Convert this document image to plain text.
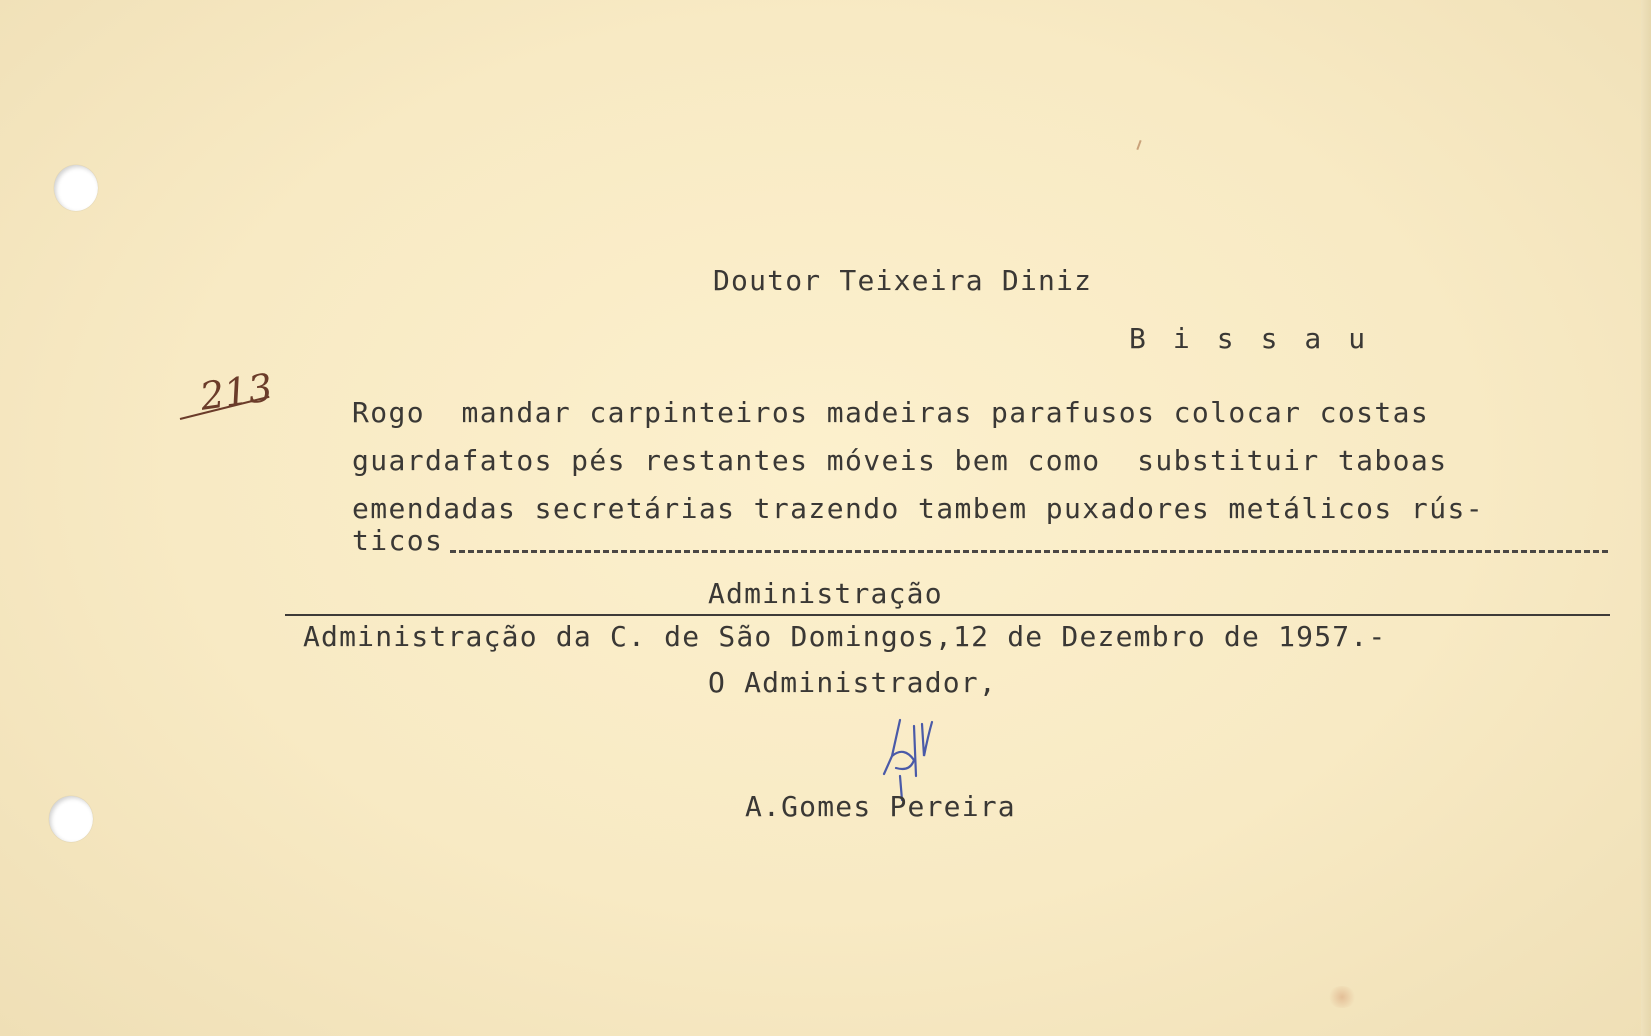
Doutor Teixeira Diniz
Bissau
213	Rogo  mandar carpinteiros madeiras parafusos colocar costas
guardafatos pés restantes móveis bem como  substituir taboas
emendadas secretárias trazendo tambem puxadores metálicos rús-
ticos
Administração
Administração da C. de São Domingos,12 de Dezembro de 1957.-
O Administrador,
A.Gomes Pereira
